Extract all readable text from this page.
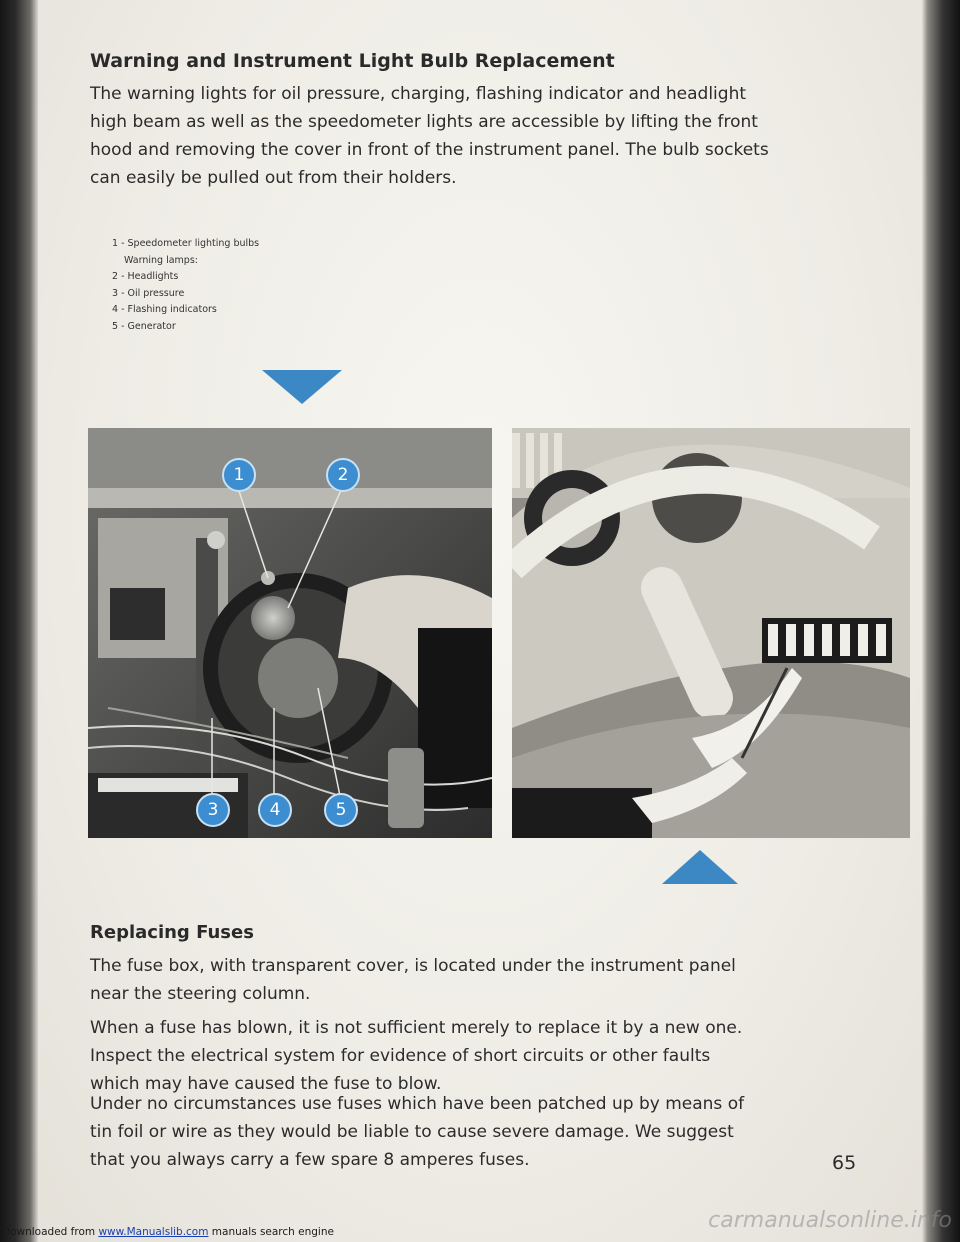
Warning and Instrument Light Bulb Replacement

The warning lights for oil pressure, charging, flashing indicator and headlight high beam as well as the speedometer lights are accessible by lifting the front hood and removing the cover in front of the instrument panel. The bulb sockets can easily be pulled out from their holders.

1 - Speedometer lighting bulbs
Warning lamps:
2 - Headlights
3 - Oil pressure
4 - Flashing indicators
5 - Generator
1	2
3	4	5
Replacing Fuses

The fuse box, with transparent cover, is located under the instrument panel near the steering column.

When a fuse has blown, it is not sufficient merely to replace it by a new one. Inspect the electrical system for evidence of short circuits or other faults which may have caused the fuse to blow.

Under no circumstances use fuses which have been patched up by means of tin foil or wire as they would be liable to cause severe damage. We suggest that you always carry a few spare 8 amperes fuses.	65
Downloaded from www.Manualslib.com manuals search engine	carmanualsonline.info
